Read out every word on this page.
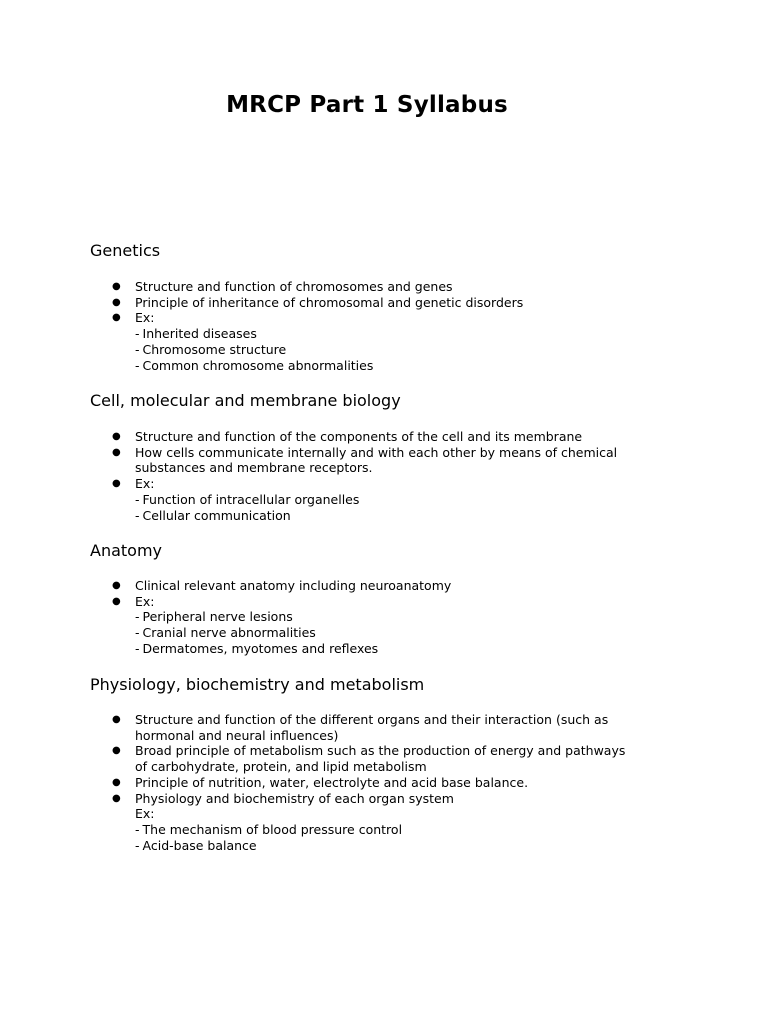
MRCP Part 1 Syllabus
Genetics
● Structure and function of chromosomes and genes
● Principle of inheritance of chromosomal and genetic disorders
● Ex:
- Inherited diseases
- Chromosome structure
- Common chromosome abnormalities
Cell, molecular and membrane biology
● Structure and function of the components of the cell and its membrane
● How cells communicate internally and with each other by means of chemical substances and membrane receptors.
● Ex:
- Function of intracellular organelles
- Cellular communication
Anatomy
● Clinical relevant anatomy including neuroanatomy
● Ex:
- Peripheral nerve lesions
- Cranial nerve abnormalities
- Dermatomes, myotomes and reflexes
Physiology, biochemistry and metabolism
● Structure and function of the different organs and their interaction (such as hormonal and neural influences)
● Broad principle of metabolism such as the production of energy and pathways of carbohydrate, protein, and lipid metabolism
● Principle of nutrition, water, electrolyte and acid base balance.
● Physiology and biochemistry of each organ system
Ex:
- The mechanism of blood pressure control
- Acid-base balance
